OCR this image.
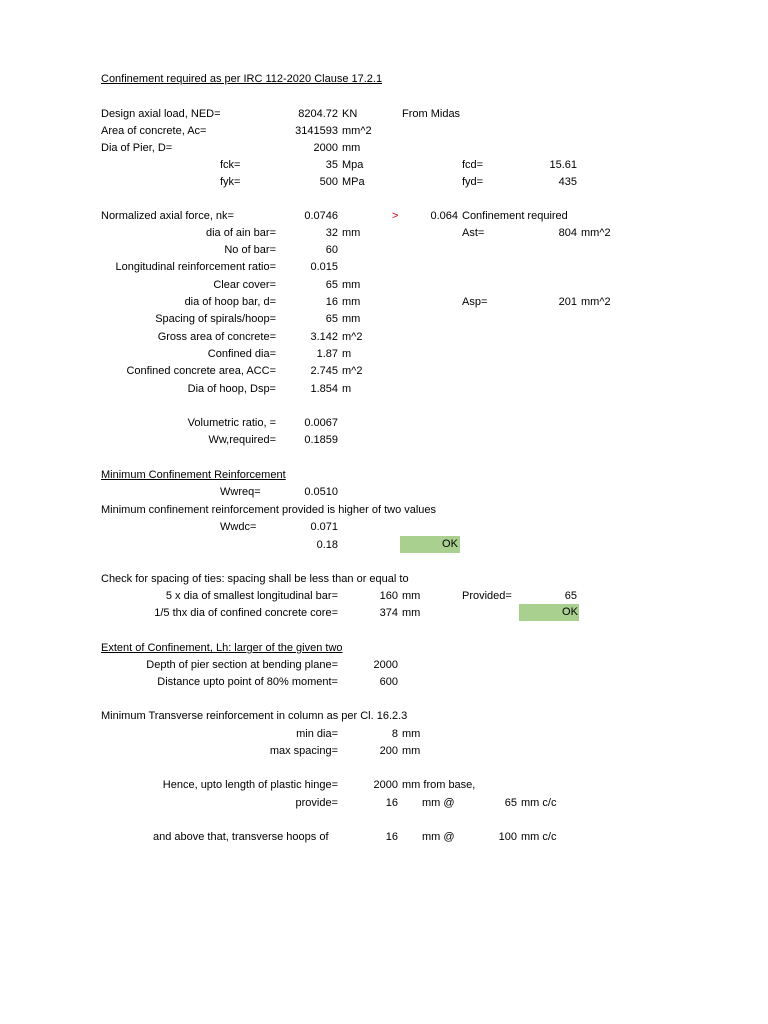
Confinement required as per IRC 112-2020 Clause 17.2.1
Design axial load, NED=	8204.72 KN	From Midas
Area of concrete, Ac=	3141593 mm^2
Dia of Pier, D=	2000 mm
fck=	35 Mpa	fcd=	15.61
fyk=	500 MPa	fyd=	435
Normalized axial force, nk=	0.0746	>	0.064 Confinement required
dia of ain bar=	32 mm	Ast=	804 mm^2
No of bar=	60
Longitudinal reinforcement ratio=	0.015
Clear cover=	65 mm
dia of hoop bar, d=	16 mm	Asp=	201 mm^2
Spacing of spirals/hoop=	65 mm
Gross area of concrete=	3.142 m^2
Confined dia=	1.87 m
Confined concrete area, ACC=	2.745 m^2
Dia of hoop, Dsp=	1.854 m
Volumetric ratio, =	0.0067
Ww,required=	0.1859
Minimum Confinement Reinforcement
Wwreq=	0.0510
Minimum confinement reinforcement provided is higher of two values
Wwdc=	0.071
0.18	OK
Check for spacing of ties: spacing shall be less than or equal to
5 x dia of smallest longitudinal bar=	160 mm	Provided=	65
1/5 thx dia of confined concrete core=	374 mm	OK
Extent of Confinement, Lh: larger of the given two
Depth of pier section at bending plane=	2000
Distance upto point of 80% moment=	600
Minimum Transverse reinforcement in column as per Cl. 16.2.3
min dia=	8 mm
max spacing=	200 mm
Hence, upto length of plastic hinge=	2000 mm from base,
provide=	16 mm @	65 mm c/c
and above that, transverse hoops of	16 mm @	100 mm c/c
